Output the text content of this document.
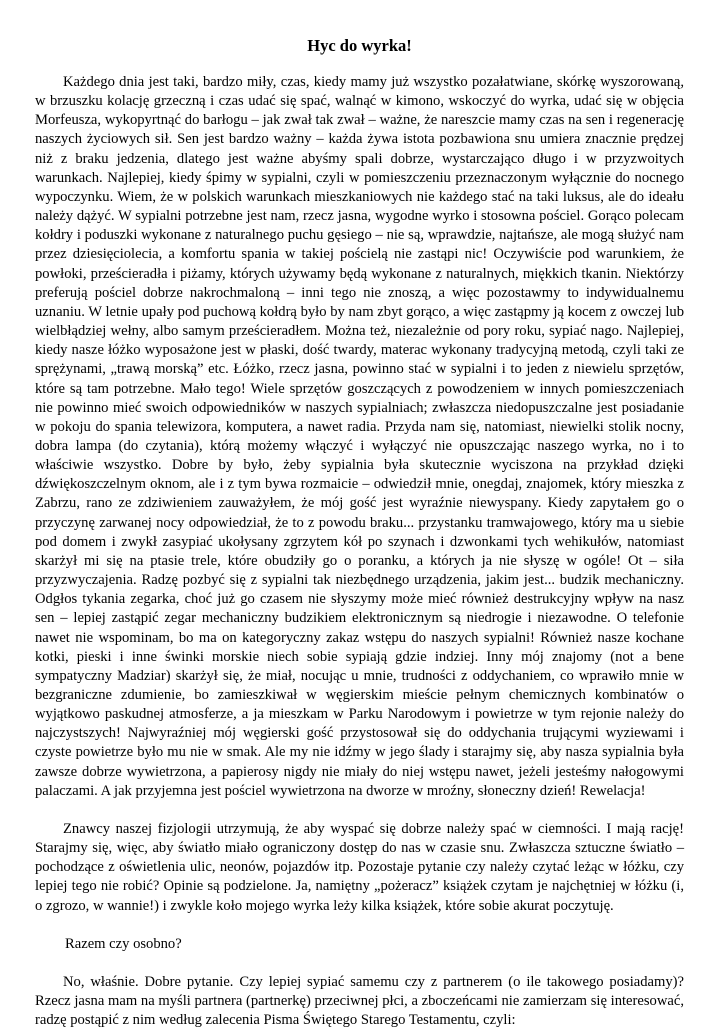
Hyc do wyrka!

Każdego dnia jest taki, bardzo miły, czas, kiedy mamy już wszystko pozałatwiane, skórkę wyszorowaną, w brzuszku kolację grzeczną i czas udać się spać, walnąć w kimono, wskoczyć do wyrka, udać się w objęcia Morfeusza, wykopyrtnąć do barłogu – jak zwał tak zwał – ważne, że nareszcie mamy czas na sen i regenerację naszych życiowych sił. Sen jest bardzo ważny – każda żywa istota pozbawiona snu umiera znacznie prędzej niż z braku jedzenia, dlatego jest ważne abyśmy spali dobrze, wystarczająco długo i w przyzwoitych warunkach. Najlepiej, kiedy śpimy w sypialni, czyli w pomieszczeniu przeznaczonym wyłącznie do nocnego wypoczynku. Wiem, że w polskich warunkach mieszkaniowych nie każdego stać na taki luksus, ale do ideału należy dążyć. W sypialni potrzebne jest nam, rzecz jasna, wygodne wyrko i stosowna pościel. Gorąco polecam kołdry i poduszki wykonane z naturalnego puchu gęsiego – nie są, wprawdzie, najtańsze, ale mogą służyć nam przez dziesięciolecia, a komfortu spania w takiej pościelą nie zastąpi nic! Oczywiście pod warunkiem, że powłoki, prześcieradła i piżamy, których używamy będą wykonane z naturalnych, miękkich tkanin. Niektórzy preferują pościel dobrze nakrochmaloną – inni tego nie znoszą, a więc pozostawmy to indywidualnemu uznaniu. W letnie upały pod puchową kołdrą było by nam zbyt gorąco, a więc zastąpmy ją kocem z owczej lub wielbłądziej wełny, albo samym prześcieradłem. Można też, niezależnie od pory roku, sypiać nago. Najlepiej, kiedy nasze łóżko wyposażone jest w płaski, dość twardy, materac wykonany tradycyjną metodą, czyli taki ze sprężynami, „trawą morską” etc. Łóżko, rzecz jasna, powinno stać w sypialni i to jeden z niewielu sprzętów, które są tam potrzebne. Mało tego! Wiele sprzętów goszczących z powodzeniem w innych pomieszczeniach nie powinno mieć swoich odpowiedników w naszych sypialniach; zwłaszcza niedopuszczalne jest posiadanie w pokoju do spania telewizora, komputera, a nawet radia. Przyda nam się, natomiast, niewielki stolik nocny, dobra lampa (do czytania), którą możemy włączyć i wyłączyć nie opuszczając naszego wyrka, no i to właściwie wszystko. Dobre by było, żeby sypialnia była skutecznie wyciszona na przykład dzięki dźwiękoszczelnym oknom, ale i z tym bywa rozmaicie – odwiedził mnie, onegdaj, znajomek, który mieszka z Zabrzu, rano ze zdziwieniem zauważyłem, że mój gość jest wyraźnie niewyspany. Kiedy zapytałem go o przyczynę zarwanej nocy odpowiedział, że to z powodu braku... przystanku tramwajowego, który ma u siebie pod domem i zwykł zasypiać ukołysany zgrzytem kół po szynach i dzwonkami tych wehikułów, natomiast skarżył mi się na ptasie trele, które obudziły go o poranku, a których ja nie słyszę w ogóle! Ot – siła przyzwyczajenia. Radzę pozbyć się z sypialni tak niezbędnego urządzenia, jakim jest... budzik mechaniczny. Odgłos tykania zegarka, choć już go czasem nie słyszymy może mieć również destrukcyjny wpływ na nasz sen – lepiej zastąpić zegar mechaniczny budzikiem elektronicznym są niedrogie i niezawodne. O telefonie nawet nie wspominam, bo ma on kategoryczny zakaz wstępu do naszych sypialni! Również nasze kochane kotki, pieski i inne świnki morskie niech sobie sypiają gdzie indziej. Inny mój znajomy (not a bene sympatyczny Madziar) skarżył się, że miał, nocując u mnie, trudności z oddychaniem, co wprawiło mnie w bezgraniczne zdumienie, bo zamieszkiwał w węgierskim mieście pełnym chemicznych kombinatów o wyjątkowo paskudnej atmosferze, a ja mieszkam w Parku Narodowym i powietrze w tym rejonie należy do najczystszych! Najwyraźniej mój węgierski gość przystosował się do oddychania trującymi wyziewami i czyste powietrze było mu nie w smak. Ale my nie idźmy w jego ślady i starajmy się, aby nasza sypialnia była zawsze dobrze wywietrzona, a papierosy nigdy nie miały do niej wstępu nawet, jeżeli jesteśmy nałogowymi palaczami. A jak przyjemna jest pościel wywietrzona na dworze w mroźny, słoneczny dzień! Rewelacja!

Znawcy naszej fizjologii utrzymują, że aby wyspać się dobrze należy spać w ciemności. I mają rację! Starajmy się, więc, aby światło miało ograniczony dostęp do nas w czasie snu. Zwłaszcza sztuczne światło – pochodzące z oświetlenia ulic, neonów, pojazdów itp. Pozostaje pytanie czy należy czytać leżąc w łóżku, czy lepiej tego nie robić? Opinie są podzielone. Ja, namiętny „pożeracz” książek czytam je najchętniej w łóżku (i, o zgrozo, w wannie!) i zwykle koło mojego wyrka leży kilka książek, które sobie akurat poczytuję.

Razem czy osobno?

No, właśnie. Dobre pytanie. Czy lepiej sypiać samemu czy z partnerem (o ile takowego posiadamy)? Rzecz jasna mam na myśli partnera (partnerkę) przeciwnej płci, a zboczeńcami nie zamierzam się interesować, radzę postąpić z nim według zalecenia Pisma Świętego Starego Testamentu, czyli:
